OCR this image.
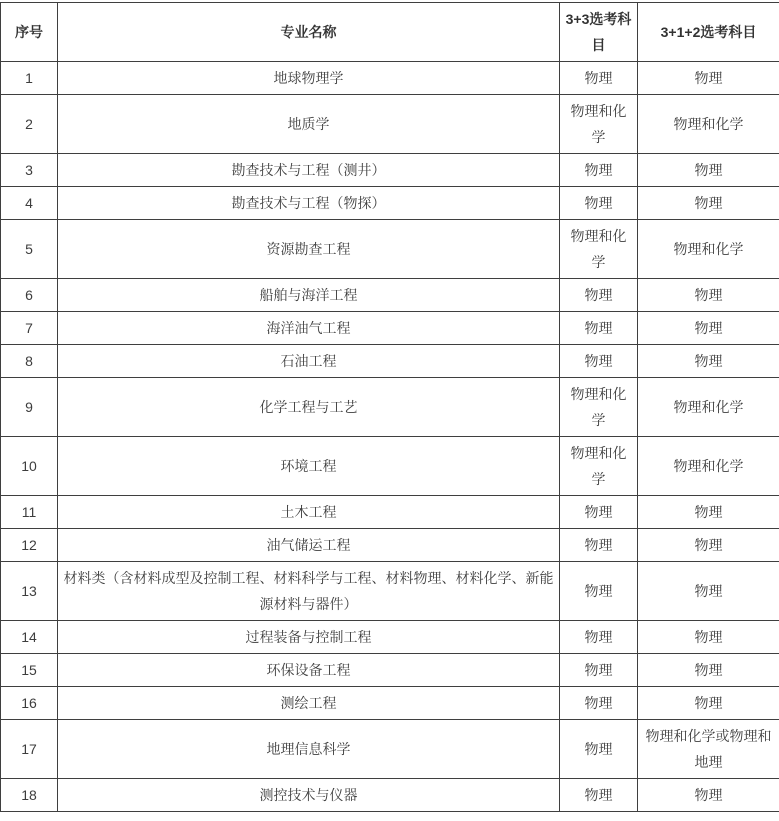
序号	专业名称	3+3选考科目	3+1+2选考科目
1	地球物理学	物理	物理
2	地质学	物理和化学	物理和化学
3	勘查技术与工程（测井）	物理	物理
4	勘查技术与工程（物探）	物理	物理
5	资源勘查工程	物理和化学	物理和化学
6	船舶与海洋工程	物理	物理
7	海洋油气工程	物理	物理
8	石油工程	物理	物理
9	化学工程与工艺	物理和化学	物理和化学
10	环境工程	物理和化学	物理和化学
11	土木工程	物理	物理
12	油气储运工程	物理	物理
13	材料类（含材料成型及控制工程、材料科学与工程、材料物理、材料化学、新能源材料与器件）	物理	物理
14	过程装备与控制工程	物理	物理
15	环保设备工程	物理	物理
16	测绘工程	物理	物理
17	地理信息科学	物理	物理和化学或物理和地理
18	测控技术与仪器	物理	物理
